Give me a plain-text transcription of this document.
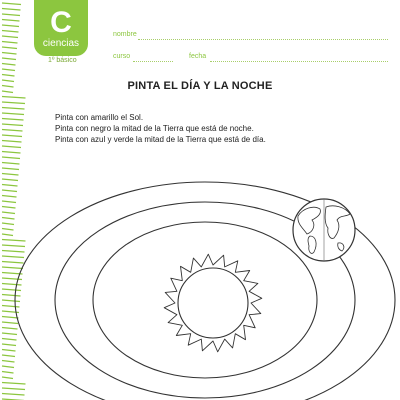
C
ciencias
1º básico
nombre
curso	fecha
PINTA EL DÍA Y LA NOCHE
Pinta con amarillo el Sol.
Pinta con negro la mitad de la Tierra que está de noche.
Pinta con azul y verde la mitad de la Tierra que está de día.
